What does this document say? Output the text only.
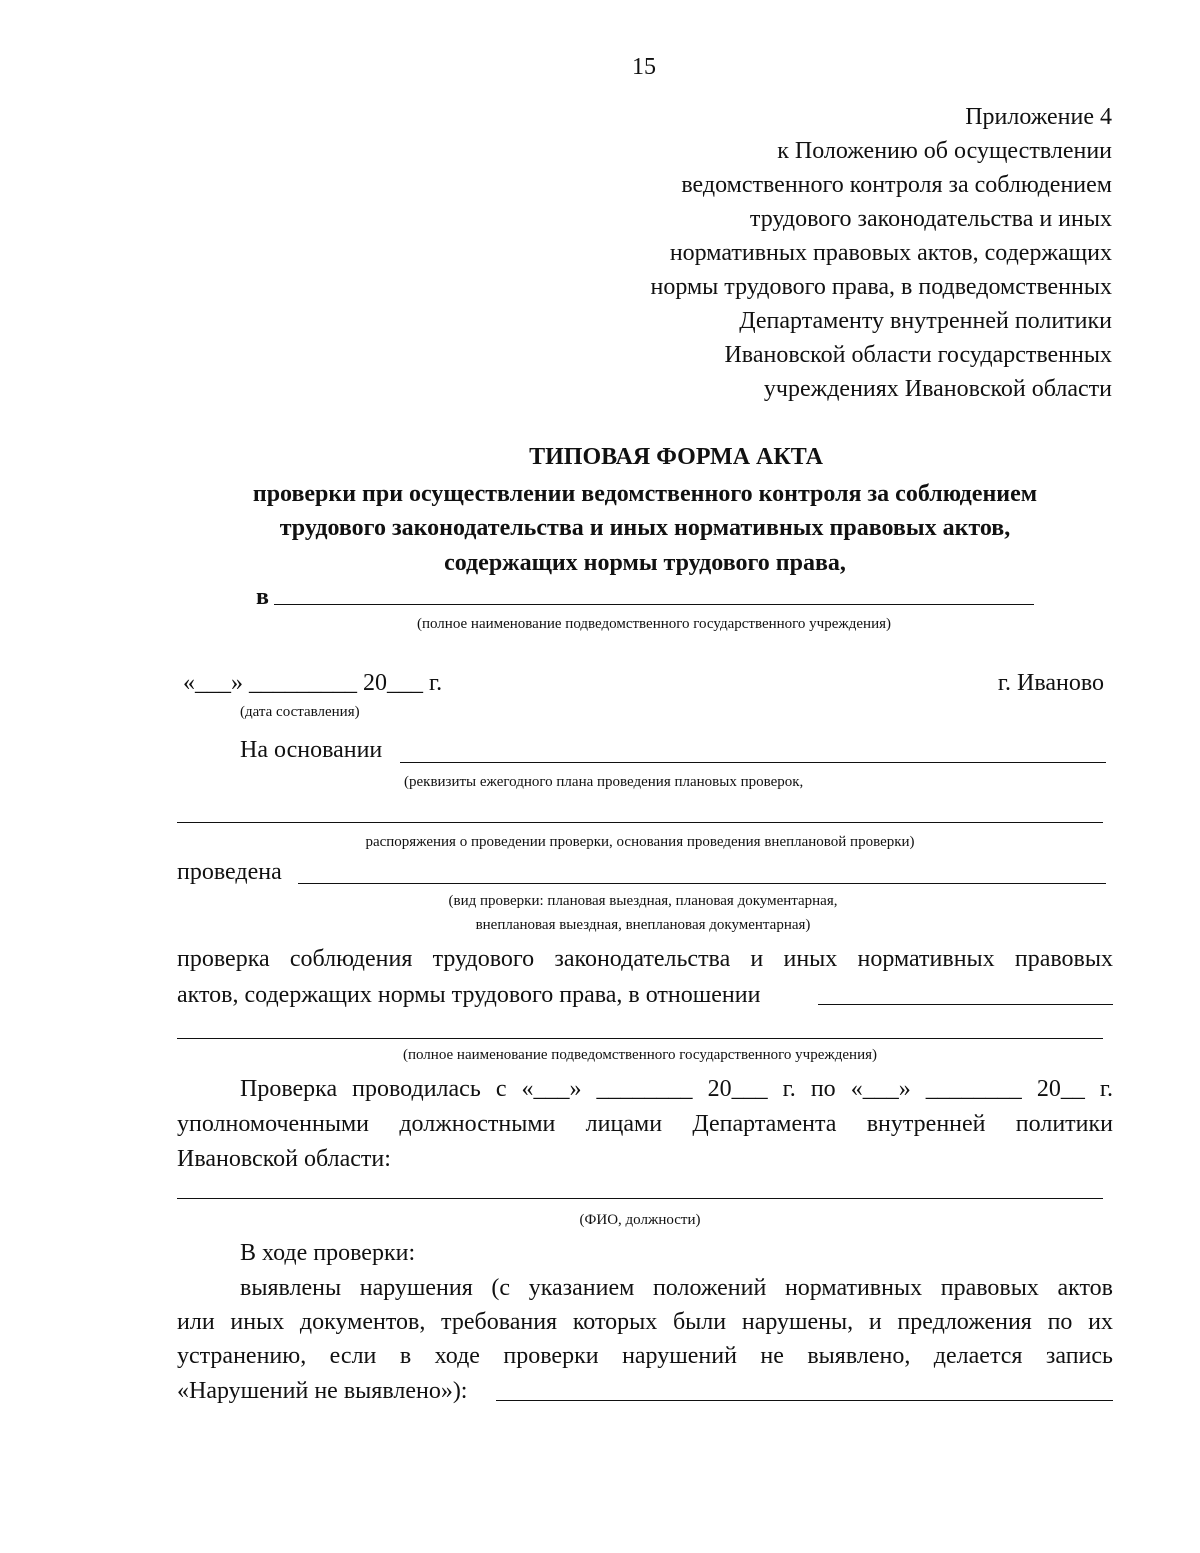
15
Приложение 4
к Положению об осуществлении
ведомственного контроля за соблюдением
трудового законодательства и иных
нормативных правовых актов, содержащих
нормы трудового права, в подведомственных
Департаменту внутренней политики
Ивановской области государственных
учреждениях Ивановской области
ТИПОВАЯ ФОРМА АКТА
проверки при осуществлении ведомственного контроля за соблюдением
трудового законодательства и иных нормативных правовых актов,
содержащих нормы трудового права,
в
(полное наименование подведомственного государственного учреждения)
«___» _________ 20___ г.	г. Иваново
(дата составления)
На основании
(реквизиты ежегодного плана проведения плановых проверок,
распоряжения о проведении проверки, основания проведения внеплановой проверки)
проведена
(вид проверки: плановая выездная, плановая документарная,
внеплановая выездная, внеплановая документарная)
проверка соблюдения трудового законодательства и иных нормативных правовых
актов, содержащих нормы трудового права, в отношении
(полное наименование подведомственного государственного учреждения)
Проверка проводилась с «___» ________ 20___ г. по «___» ________ 20__ г.
уполномоченными должностными лицами Департамента внутренней политики
Ивановской области:
(ФИО, должности)
В ходе проверки:
выявлены нарушения (с указанием положений нормативных правовых актов
или иных документов, требования которых были нарушены, и предложения по их
устранению, если в ходе проверки нарушений не выявлено, делается запись
«Нарушений не выявлено»):
